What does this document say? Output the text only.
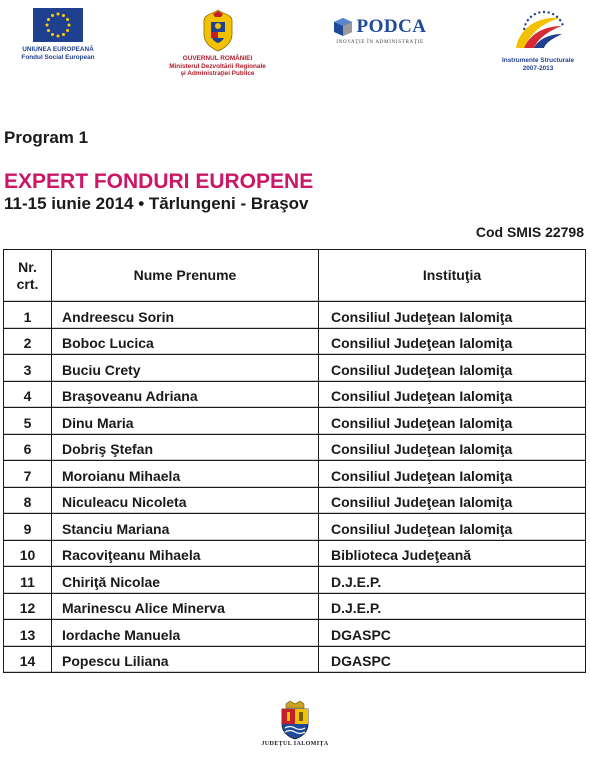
UNIUNEA EUROPEANĂ
Fondul Social European	GUVERNUL ROMÂNIEI
Ministerul Dezvoltării Regionale
şi Administraţiei Publice
PODCA
INOVAŢIE ÎN ADMINISTRAŢIE
Instrumente Structurale
2007-2013
Program 1
EXPERT FONDURI EUROPENE
11-15 iunie 2014 • Tărlungeni - Braşov
Cod SMIS 22798
Nr.
crt.	Nume Prenume	Instituţia
1	Andreescu Sorin	Consiliul Judeţean Ialomiţa
2	Boboc Lucica	Consiliul Judeţean Ialomiţa
3	Buciu Crety	Consiliul Judeţean Ialomiţa
4	Braşoveanu Adriana	Consiliul Judeţean Ialomiţa
5	Dinu Maria	Consiliul Judeţean Ialomiţa
6	Dobriş Ştefan	Consiliul Judeţean Ialomiţa
7	Moroianu Mihaela	Consiliul Judeţean Ialomiţa
8	Niculeacu Nicoleta	Consiliul Judeţean Ialomiţa
9	Stanciu Mariana	Consiliul Judeţean Ialomiţa
10	Racoviţeanu Mihaela	Biblioteca Judeţeană
11	Chiriţă Nicolae	D.J.E.P.
12	Marinescu Alice Minerva	D.J.E.P.
13	Iordache Manuela	DGASPC
14	Popescu Liliana	DGASPC
JUDEŢUL IALOMIŢA
